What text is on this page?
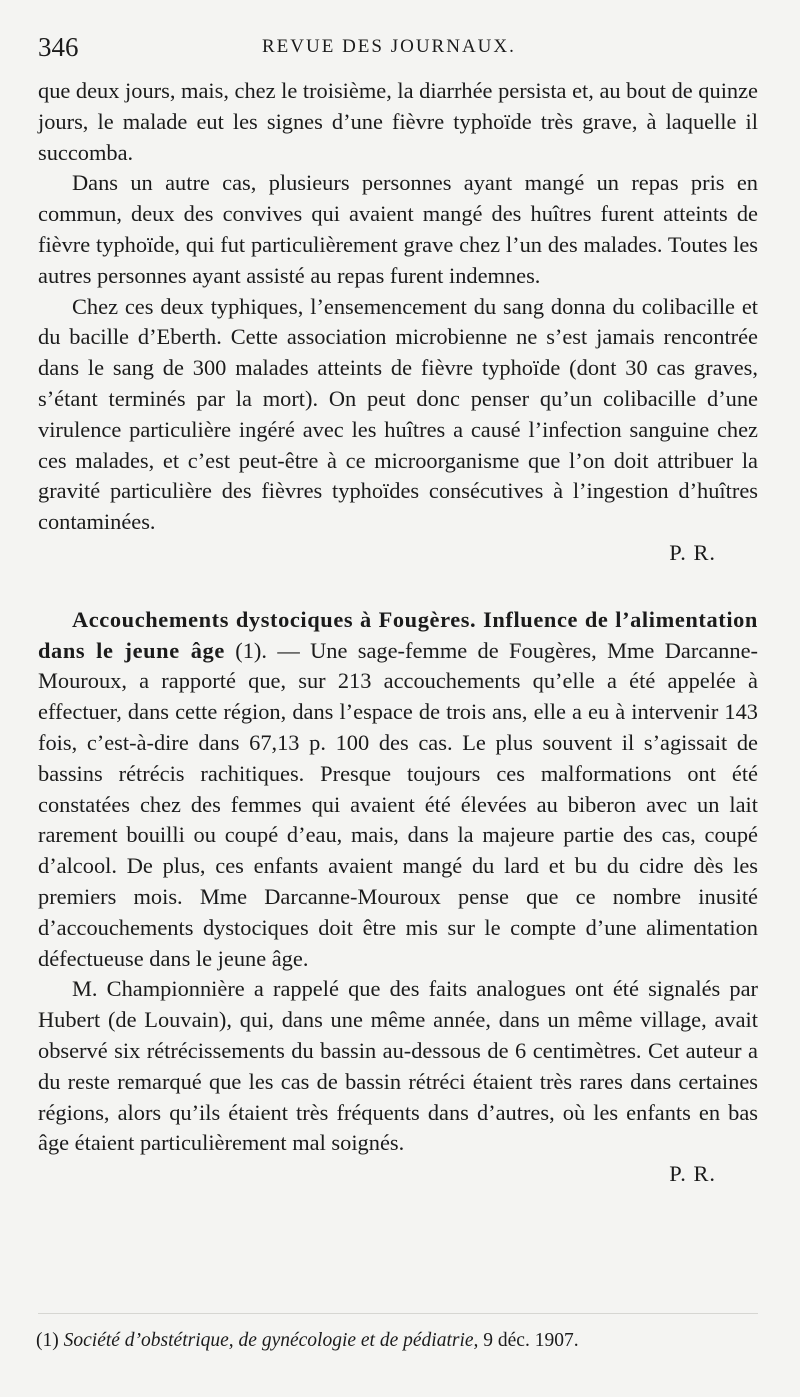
346	REVUE DES JOURNAUX.

que deux jours, mais, chez le troisième, la diarrhée persista et, au bout de quinze jours, le malade eut les signes d’une fièvre typhoïde très grave, à laquelle il succomba.

Dans un autre cas, plusieurs personnes ayant mangé un repas pris en commun, deux des convives qui avaient mangé des huîtres furent atteints de fièvre typhoïde, qui fut particulièrement grave chez l’un des malades. Toutes les autres personnes ayant assisté au repas furent indemnes.

Chez ces deux typhiques, l’ensemencement du sang donna du colibacille et du bacille d’Eberth. Cette association microbienne ne s’est jamais rencontrée dans le sang de 300 malades atteints de fièvre typhoïde (dont 30 cas graves, s’étant terminés par la mort). On peut donc penser qu’un colibacille d’une virulence particulière ingéré avec les huîtres a causé l’infection sanguine chez ces malades, et c’est peut-être à ce microorganisme que l’on doit attribuer la gravité particulière des fièvres typhoïdes consécutives à l’ingestion d’huîtres contaminées.

P. R.

Accouchements dystociques à Fougères. Influence de l’alimentation dans le jeune âge (1). — Une sage-femme de Fougères, Mme Darcanne-Mouroux, a rapporté que, sur 213 accouchements qu’elle a été appelée à effectuer, dans cette région, dans l’espace de trois ans, elle a eu à intervenir 143 fois, c’est-à-dire dans 67,13 p. 100 des cas. Le plus souvent il s’agissait de bassins rétrécis rachitiques. Presque toujours ces malformations ont été constatées chez des femmes qui avaient été élevées au biberon avec un lait rarement bouilli ou coupé d’eau, mais, dans la majeure partie des cas, coupé d’alcool. De plus, ces enfants avaient mangé du lard et bu du cidre dès les premiers mois. Mme Darcanne-Mouroux pense que ce nombre inusité d’accouchements dystociques doit être mis sur le compte d’une alimentation défectueuse dans le jeune âge.

M. Championnière a rappelé que des faits analogues ont été signalés par Hubert (de Louvain), qui, dans une même année, dans un même village, avait observé six rétrécissements du bassin au-dessous de 6 centimètres. Cet auteur a du reste remarqué que les cas de bassin rétréci étaient très rares dans certaines régions, alors qu’ils étaient très fréquents dans d’autres, où les enfants en bas âge étaient particulièrement mal soignés.

P. R.

(1) Société d’obstétrique, de gynécologie et de pédiatrie, 9 déc. 1907.
